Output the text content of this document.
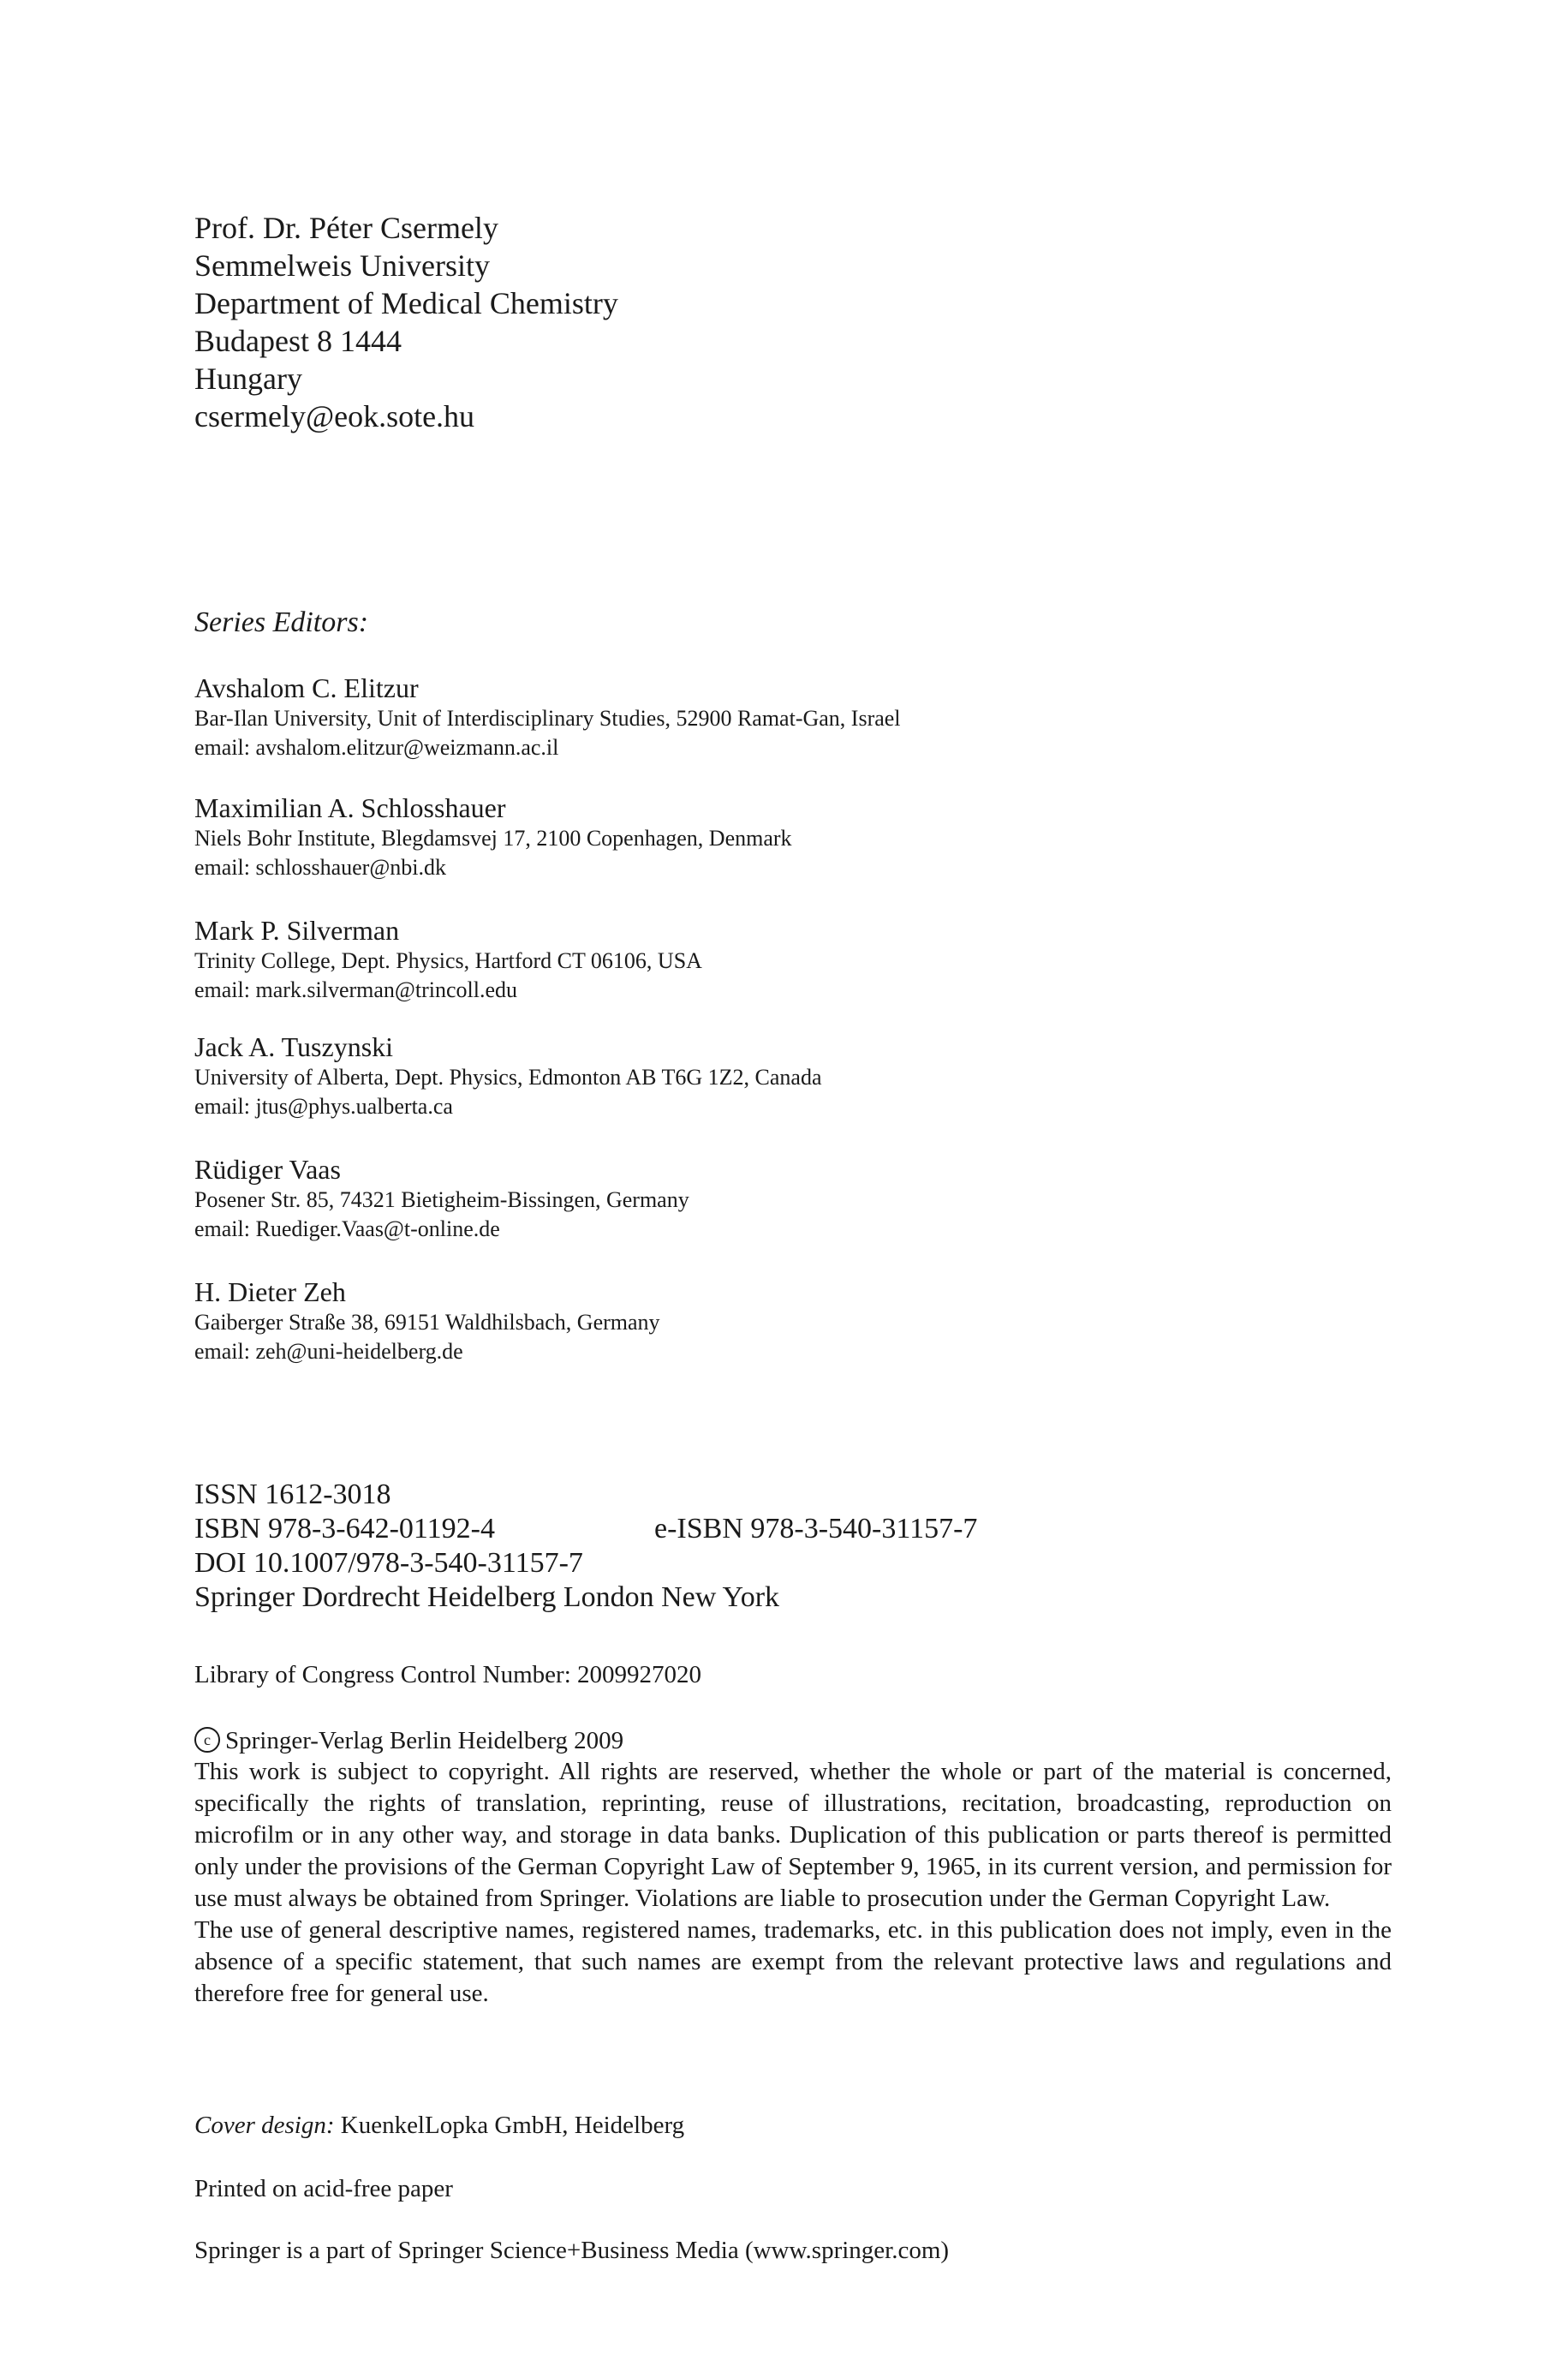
Prof. Dr. Péter Csermely
Semmelweis University
Department of Medical Chemistry
Budapest 8 1444
Hungary
csermely@eok.sote.hu
Series Editors:
Avshalom C. Elitzur
Bar-Ilan University, Unit of Interdisciplinary Studies, 52900 Ramat-Gan, Israel
email: avshalom.elitzur@weizmann.ac.il
Maximilian A. Schlosshauer
Niels Bohr Institute, Blegdamsvej 17, 2100 Copenhagen, Denmark
email: schlosshauer@nbi.dk
Mark P. Silverman
Trinity College, Dept. Physics, Hartford CT 06106, USA
email: mark.silverman@trincoll.edu
Jack A. Tuszynski
University of Alberta, Dept. Physics, Edmonton AB T6G 1Z2, Canada
email: jtus@phys.ualberta.ca
Rüdiger Vaas
Posener Str. 85, 74321 Bietigheim-Bissingen, Germany
email: Ruediger.Vaas@t-online.de
H. Dieter Zeh
Gaiberger Straße 38, 69151 Waldhilsbach, Germany
email: zeh@uni-heidelberg.de
ISSN 1612-3018
ISBN 978-3-642-01192-4	e-ISBN 978-3-540-31157-7
DOI 10.1007/978-3-540-31157-7
Springer Dordrecht Heidelberg London New York
Library of Congress Control Number: 2009927020
c Springer-Verlag Berlin Heidelberg 2009

This work is subject to copyright. All rights are reserved, whether the whole or part of the material is concerned, specifically the rights of translation, reprinting, reuse of illustrations, recitation, broadcasting, reproduction on microfilm or in any other way, and storage in data banks. Duplication of this publication or parts thereof is permitted only under the provisions of the German Copyright Law of September 9, 1965, in its current version, and permission for use must always be obtained from Springer. Violations are liable to prosecution under the German Copyright Law.

The use of general descriptive names, registered names, trademarks, etc. in this publication does not imply, even in the absence of a specific statement, that such names are exempt from the relevant protective laws and regulations and therefore free for general use.

Cover design: KuenkelLopka GmbH, Heidelberg
Printed on acid-free paper
Springer is a part of Springer Science+Business Media (www.springer.com)
